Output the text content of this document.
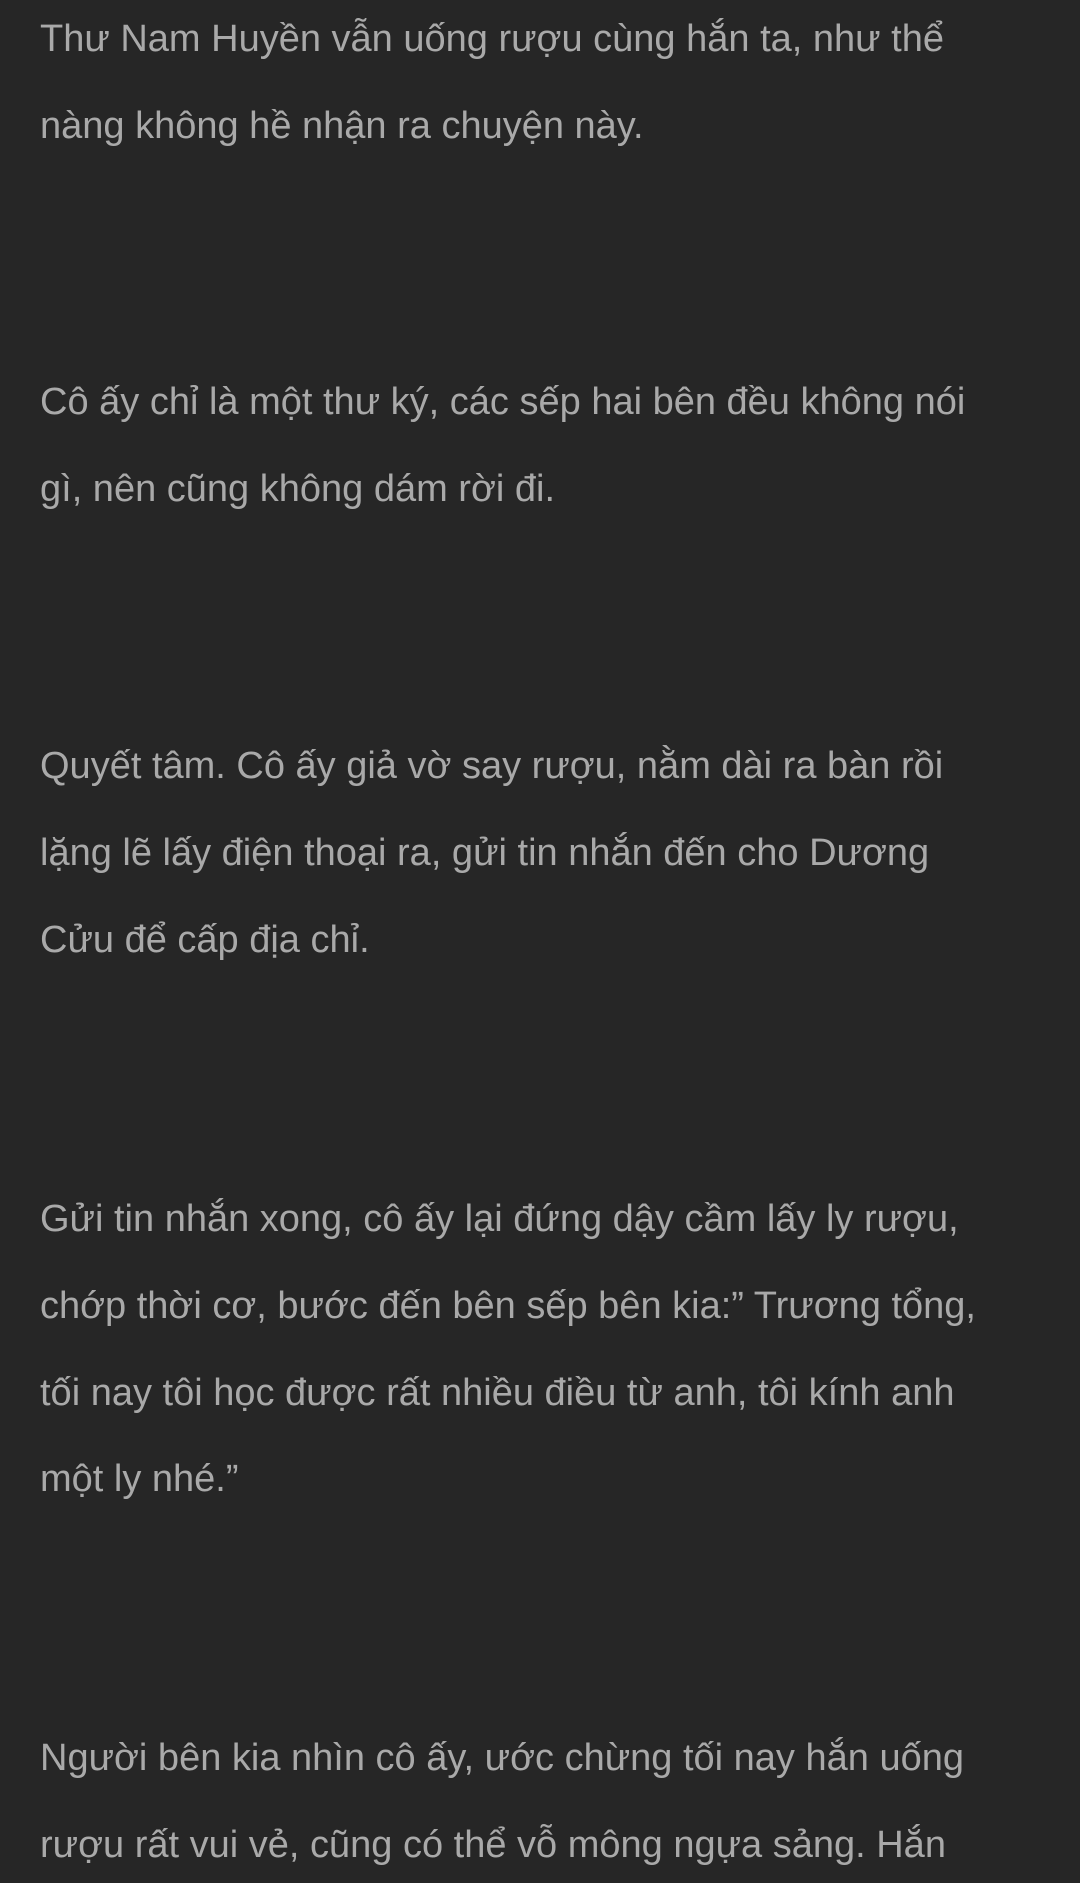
Thư Nam Huyền vẫn uống rượu cùng hắn ta, như thể

nàng không hề nhận ra chuyện này.

Cô ấy chỉ là một thư ký, các sếp hai bên đều không nói

gì, nên cũng không dám rời đi.

Quyết tâm. Cô ấy giả vờ say rượu, nằm dài ra bàn rồi

lặng lẽ lấy điện thoại ra, gửi tin nhắn đến cho Dương

Cửu để cấp địa chỉ.

Gửi tin nhắn xong, cô ấy lại đứng dậy cầm lấy ly rượu,

chớp thời cơ, bước đến bên sếp bên kia:” Trương tổng,

tối nay tôi học được rất nhiều điều từ anh, tôi kính anh

một ly nhé.”

Người bên kia nhìn cô ấy, ước chừng tối nay hắn uống

rượu rất vui vẻ, cũng có thể vỗ mông ngựa sảng. Hắn
